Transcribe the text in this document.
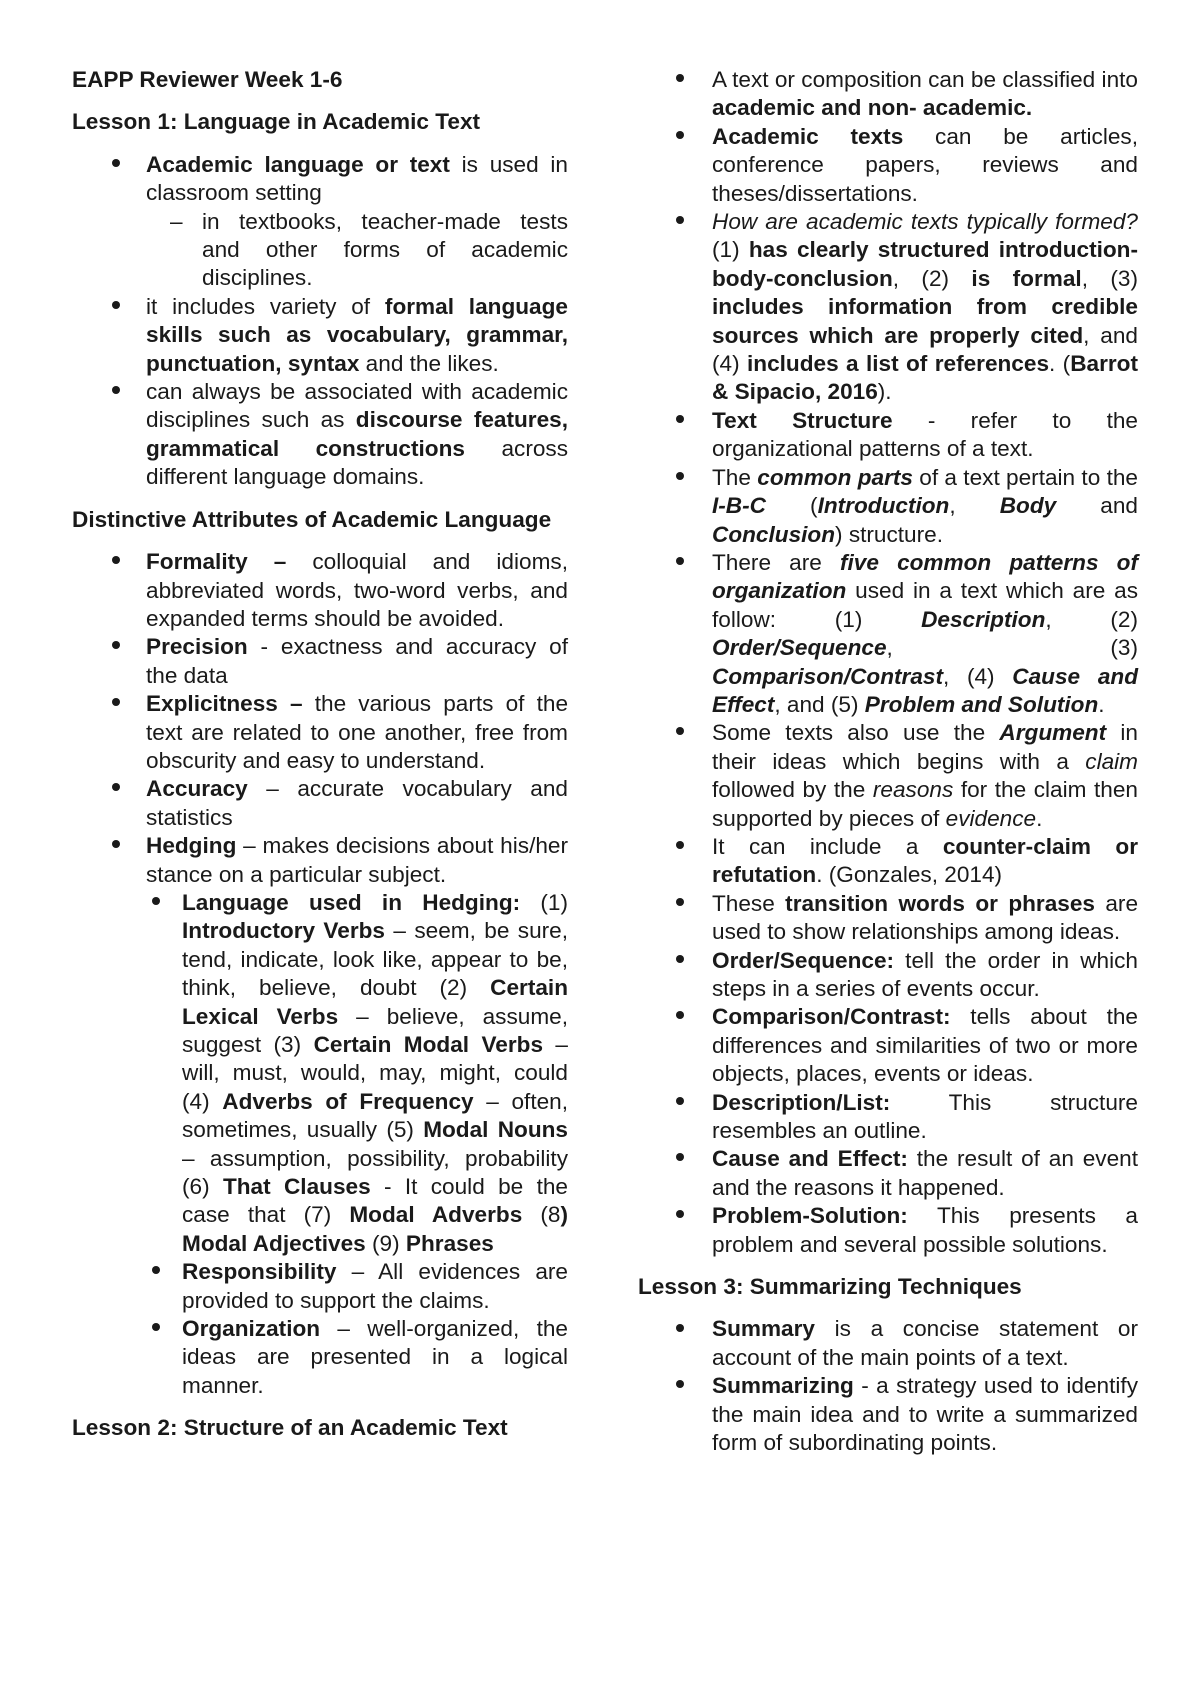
EAPP Reviewer Week 1-6

Lesson 1: Language in Academic Text

Academic language or text is used in classroom setting
– in textbooks, teacher-made tests and other forms of academic disciplines.
it includes variety of formal language skills such as vocabulary, grammar, punctuation, syntax and the likes.
can always be associated with academic disciplines such as discourse features, grammatical constructions across different language domains.

Distinctive Attributes of Academic Language

Formality – colloquial and idioms, abbreviated words, two-word verbs, and expanded terms should be avoided.
Precision - exactness and accuracy of the data
Explicitness – the various parts of the text are related to one another, free from obscurity and easy to understand.
Accuracy – accurate vocabulary and statistics
Hedging – makes decisions about his/her stance on a particular subject.
Language used in Hedging: (1) Introductory Verbs – seem, be sure, tend, indicate, look like, appear to be, think, believe, doubt (2) Certain Lexical Verbs – believe, assume, suggest (3) Certain Modal Verbs – will, must, would, may, might, could (4) Adverbs of Frequency – often, sometimes, usually (5) Modal Nouns – assumption, possibility, probability (6) That Clauses - It could be the case that (7) Modal Adverbs (8) Modal Adjectives (9) Phrases
Responsibility – All evidences are provided to support the claims.
Organization – well-organized, the ideas are presented in a logical manner.

Lesson 2: Structure of an Academic Text

A text or composition can be classified into academic and non- academic.
Academic texts can be articles, conference papers, reviews and theses/dissertations.
How are academic texts typically formed? (1) has clearly structured introduction-body-conclusion, (2) is formal, (3) includes information from credible sources which are properly cited, and (4) includes a list of references. (Barrot & Sipacio, 2016).
Text Structure - refer to the organizational patterns of a text.
The common parts of a text pertain to the I-B-C (Introduction, Body and Conclusion) structure.
There are five common patterns of organization used in a text which are as follow: (1) Description, (2) Order/Sequence, (3) Comparison/Contrast, (4) Cause and Effect, and (5) Problem and Solution.
Some texts also use the Argument in their ideas which begins with a claim followed by the reasons for the claim then supported by pieces of evidence.
It can include a counter-claim or refutation. (Gonzales, 2014)
These transition words or phrases are used to show relationships among ideas.
Order/Sequence: tell the order in which steps in a series of events occur.
Comparison/Contrast: tells about the differences and similarities of two or more objects, places, events or ideas.
Description/List: This structure resembles an outline.
Cause and Effect: the result of an event and the reasons it happened.
Problem-Solution: This presents a problem and several possible solutions.

Lesson 3: Summarizing Techniques

Summary is a concise statement or account of the main points of a text.
Summarizing - a strategy used to identify the main idea and to write a summarized form of subordinating points.
